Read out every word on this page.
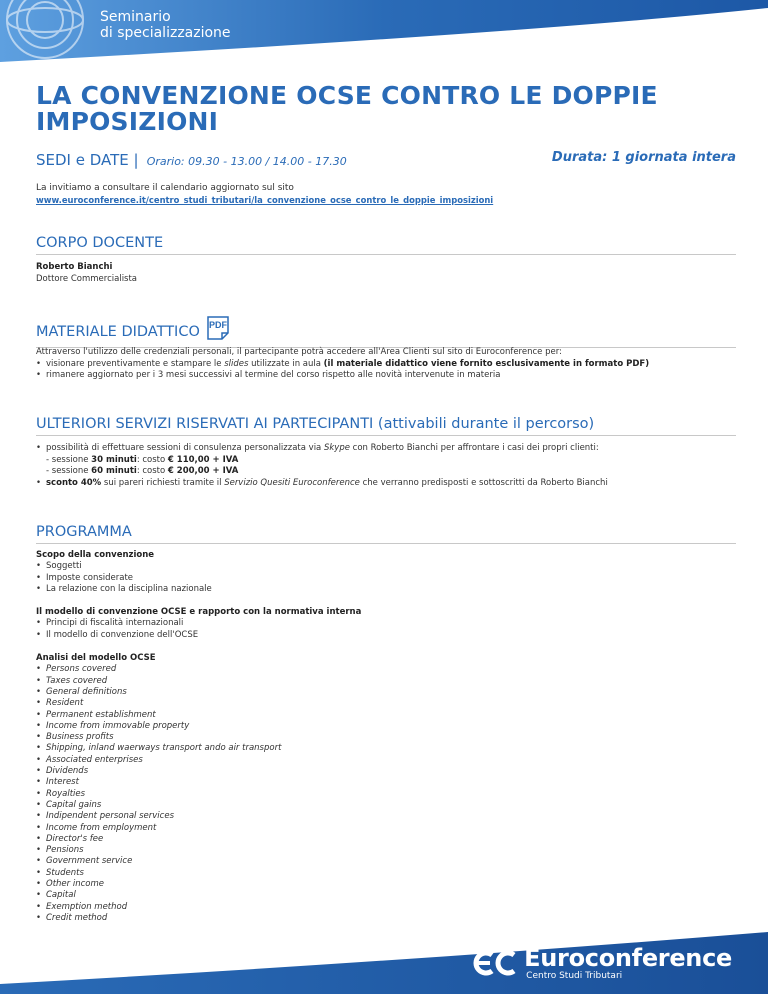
Seminario
di specializzazione
LA CONVENZIONE OCSE CONTRO LE DOPPIE IMPOSIZIONI
SEDI e DATE | Orario: 09.30 - 13.00 / 14.00 - 17.30	Durata: 1 giornata intera
La invitiamo a consultare il calendario aggiornato sul sito
www.euroconference.it/centro_studi_tributari/la_convenzione_ocse_contro_le_doppie_imposizioni
CORPO DOCENTE
Roberto Bianchi
Dottore Commercialista
MATERIALE DIDATTICO PDF
Attraverso l'utilizzo delle credenziali personali, il partecipante potrà accedere all'Area Clienti sul sito di Euroconference per:
• visionare preventivamente e stampare le slides utilizzate in aula (il materiale didattico viene fornito esclusivamente in formato PDF)
• rimanere aggiornato per i 3 mesi successivi al termine del corso rispetto alle novità intervenute in materia
ULTERIORI SERVIZI RISERVATI AI PARTECIPANTI (attivabili durante il percorso)
• possibilità di effettuare sessioni di consulenza personalizzata via Skype con Roberto Bianchi per affrontare i casi dei propri clienti:
- sessione 30 minuti: costo € 110,00 + IVA
- sessione 60 minuti: costo € 200,00 + IVA
• sconto 40% sui pareri richiesti tramite il Servizio Quesiti Euroconference che verranno predisposti e sottoscritti da Roberto Bianchi
PROGRAMMA
Scopo della convenzione
• Soggetti
• Imposte considerate
• La relazione con la disciplina nazionale
Il modello di convenzione OCSE e rapporto con la normativa interna
• Principi di fiscalità internazionali
• Il modello di convenzione dell'OCSE
Analisi del modello OCSE
• Persons covered
• Taxes covered
• General definitions
• Resident
• Permanent establishment
• Income from immovable property
• Business profits
• Shipping, inland waerways transport ando air transport
• Associated enterprises
• Dividends
• Interest
• Royalties
• Capital gains
• Indipendent personal services
• Income from employment
• Director's fee
• Pensions
• Government service
• Students
• Other income
• Capital
• Exemption method
• Credit method
Euroconference
Centro Studi Tributari
